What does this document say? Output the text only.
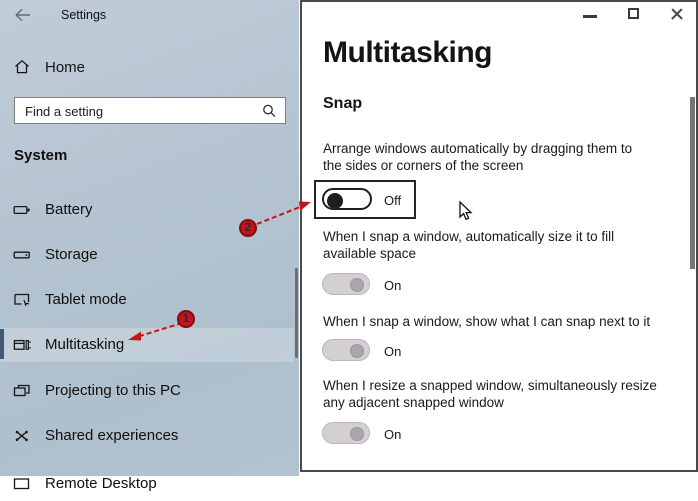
Settings
Home
Find a setting
System
Battery
Storage
Tablet mode
Multitasking
Projecting to this PC
Shared experiences
Remote Desktop
Multitasking
Snap
Arrange windows automatically by dragging them to
the sides or corners of the screen
Off
When I snap a window, automatically size it to fill
available space
On
When I snap a window, show what I can snap next to it
On
When I resize a snapped window, simultaneously resize
any adjacent snapped window
On
1
2
